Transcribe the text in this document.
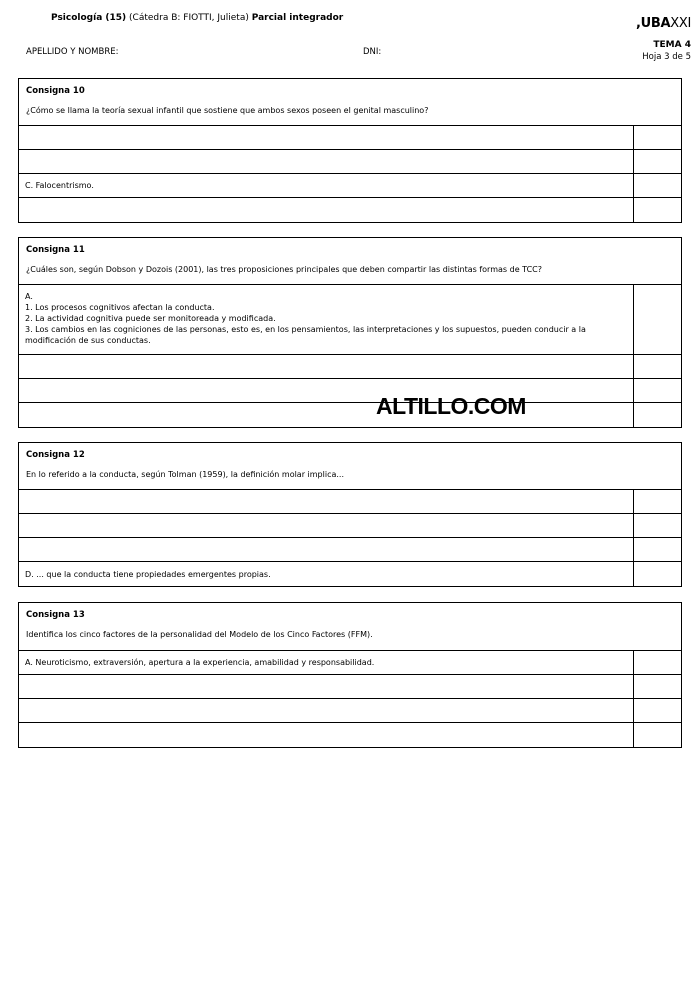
Psicología (15) (Cátedra B: FIOTTI, Julieta) Parcial integrador	,UBAXXI
APELLIDO Y NOMBRE:	DNI:
TEMA 4
Hoja 3 de 5
Consigna 10
¿Cómo se llama la teoría sexual infantil que sostiene que ambos sexos poseen el genital masculino?
C. Falocentrismo.
Consigna 11
¿Cuáles son, según Dobson y Dozois (2001), las tres proposiciones principales que deben compartir las distintas formas de TCC?
A.
1. Los procesos cognitivos afectan la conducta.
2. La actividad cognitiva puede ser monitoreada y modificada.
3. Los cambios en las cogniciones de las personas, esto es, en los pensamientos, las interpretaciones y los supuestos, pueden conducir a la modificación de sus conductas.
Consigna 12
En lo referido a la conducta, según Tolman (1959), la definición molar implica...
D. ... que la conducta tiene propiedades emergentes propias.
Consigna 13
Identifica los cinco factores de la personalidad del Modelo de los Cinco Factores (FFM).
A. Neuroticismo, extraversión, apertura a la experiencia, amabilidad y responsabilidad.
ALTILLO.COM
